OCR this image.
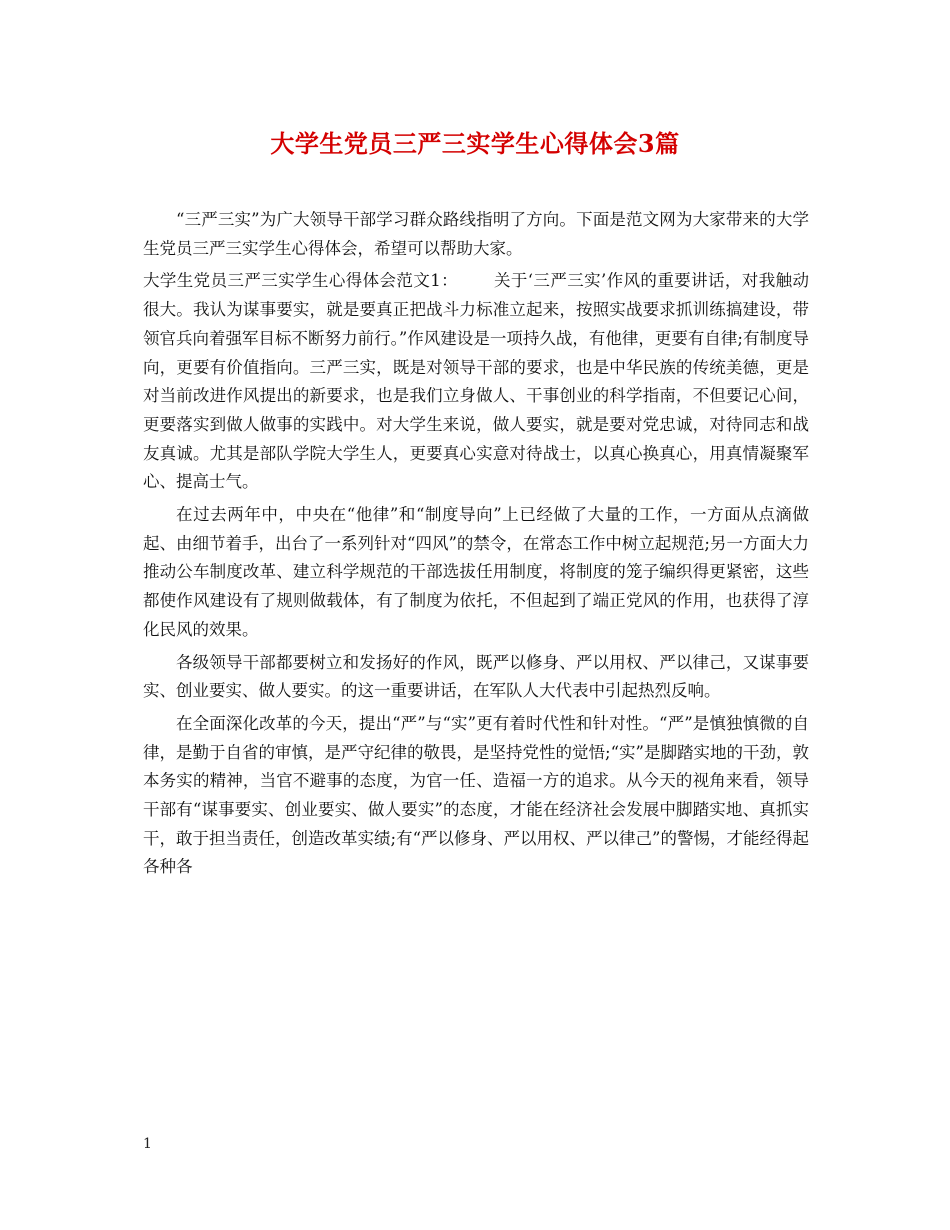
大学生党员三严三实学生心得体会3篇

“三严三实”为广大领导干部学习群众路线指明了方向。下面是范文网为大家带来的大学生党员三严三实学生心得体会，希望可以帮助大家。

大学生党员三严三实学生心得体会范文1： 关于‘三严三实’作风的重要讲话，对我触动很大。我认为谋事要实，就是要真正把战斗力标准立起来，按照实战要求抓训练搞建设，带领官兵向着强军目标不断努力前行。”作风建设是一项持久战，有他律，更要有自律;有制度导向，更要有价值指向。三严三实，既是对领导干部的要求，也是中华民族的传统美德，更是对当前改进作风提出的新要求，也是我们立身做人、干事创业的科学指南，不但要记心间，更要落实到做人做事的实践中。对大学生来说，做人要实，就是要对党忠诚，对待同志和战友真诚。尤其是部队学院大学生人，更要真心实意对待战士，以真心换真心，用真情凝聚军心、提高士气。

在过去两年中，中央在“他律”和“制度导向”上已经做了大量的工作，一方面从点滴做起、由细节着手，出台了一系列针对“四风”的禁令，在常态工作中树立起规范;另一方面大力推动公车制度改革、建立科学规范的干部选拔任用制度，将制度的笼子编织得更紧密，这些都使作风建设有了规则做载体，有了制度为依托，不但起到了端正党风的作用，也获得了淳化民风的效果。

各级领导干部都要树立和发扬好的作风，既严以修身、严以用权、严以律己，又谋事要实、创业要实、做人要实。的这一重要讲话，在军队人大代表中引起热烈反响。

在全面深化改革的今天，提出“严”与“实”更有着时代性和针对性。“严”是慎独慎微的自律，是勤于自省的审慎，是严守纪律的敬畏，是坚持党性的觉悟;“实”是脚踏实地的干劲，敦本务实的精神，当官不避事的态度，为官一任、造福一方的追求。从今天的视角来看，领导干部有“谋事要实、创业要实、做人要实”的态度，才能在经济社会发展中脚踏实地、真抓实干，敢于担当责任，创造改革实绩;有“严以修身、严以用权、严以律己”的警惕，才能经得起各种各

1
